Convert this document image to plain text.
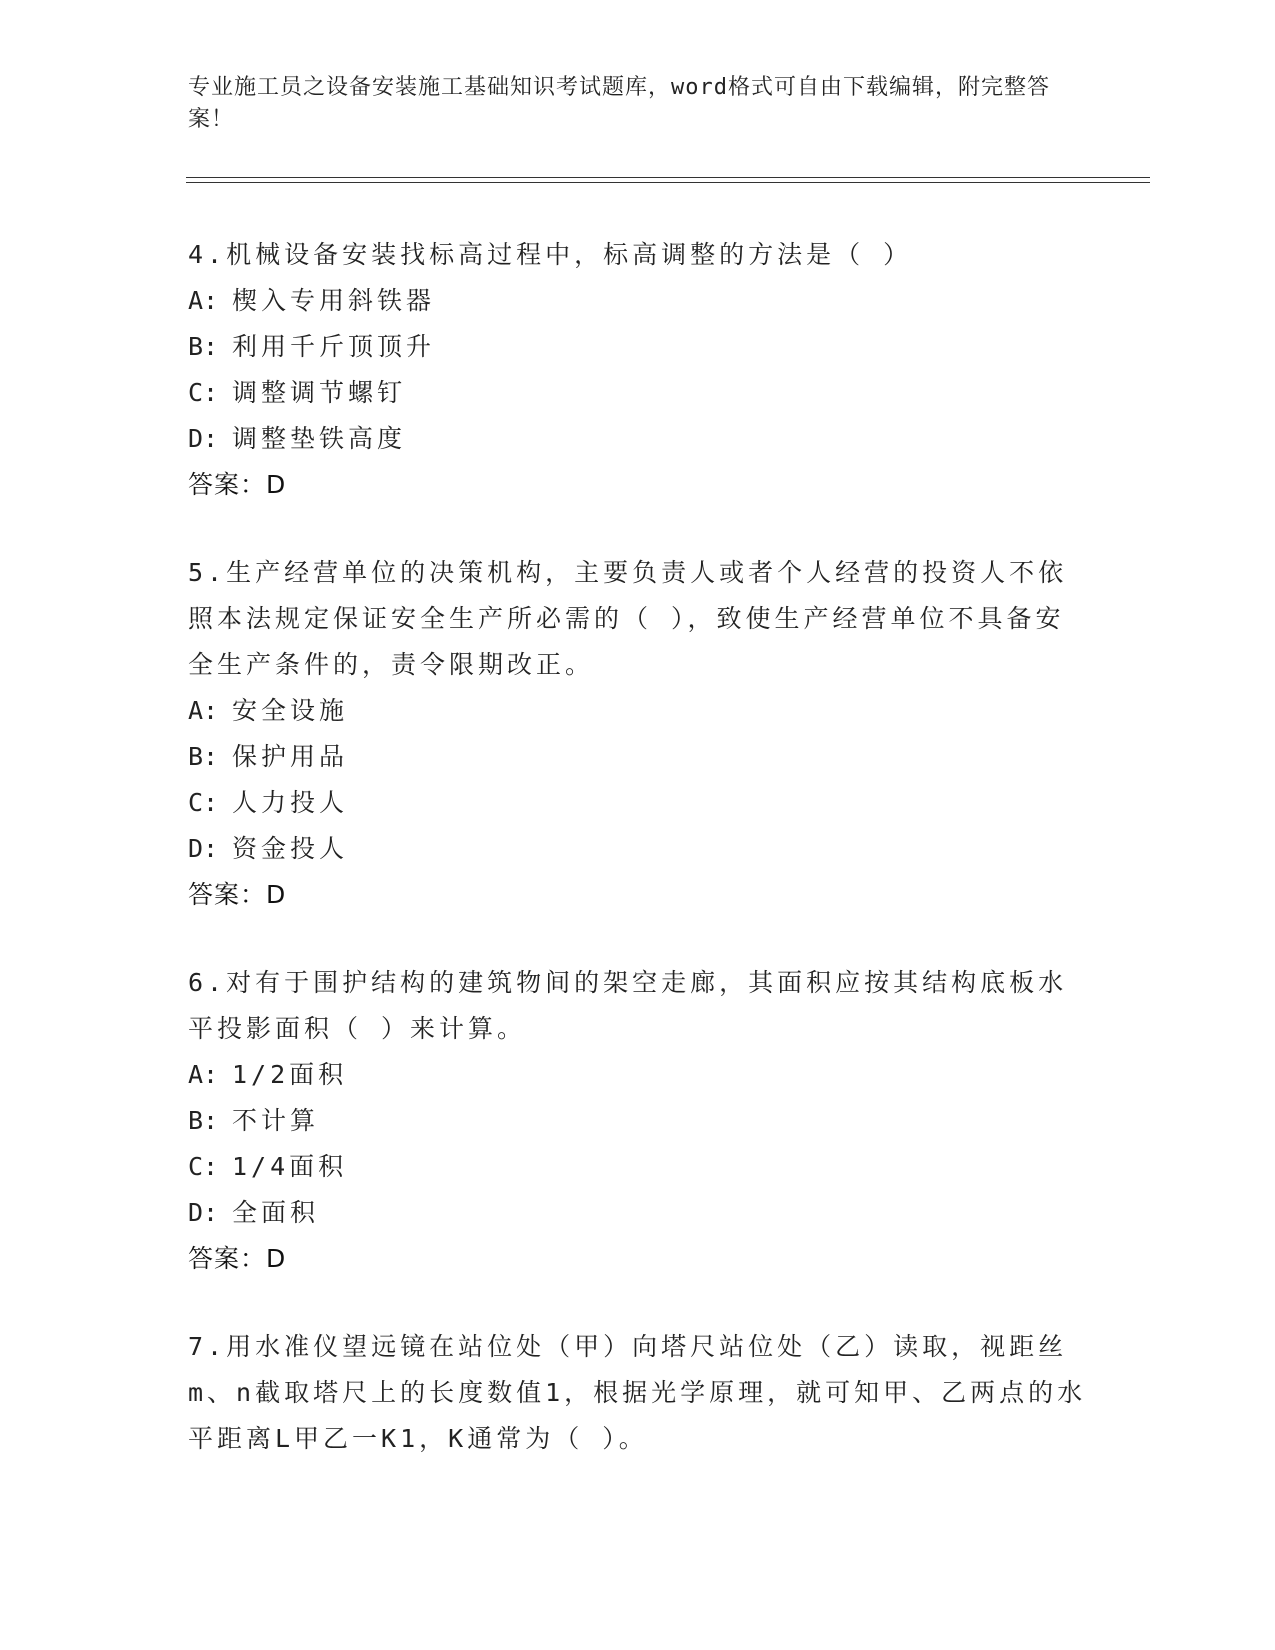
专业施工员之设备安装施工基础知识考试题库，word格式可自由下载编辑，附完整答案！

4.机械设备安装找标高过程中，标高调整的方法是（ ）

A: 楔入专用斜铁器
B: 利用千斤顶顶升
C: 调整调节螺钉
D: 调整垫铁高度
答案：D

5.生产经营单位的决策机构，主要负责人或者个人经营的投资人不依照本法规定保证安全生产所必需的（ ），致使生产经营单位不具备安全生产条件的，责令限期改正。

A: 安全设施
B: 保护用品
C: 人力投人
D: 资金投人
答案：D

6.对有于围护结构的建筑物间的架空走廊，其面积应按其结构底板水平投影面积（ ）来计算。

A: 1/2面积
B: 不计算
C: 1/4面积
D: 全面积
答案：D

7.用水准仪望远镜在站位处（甲）向塔尺站位处（乙）读取，视距丝m、n截取塔尺上的长度数值1，根据光学原理，就可知甲、乙两点的水平距离L甲乙一K1，K通常为（ ）。
